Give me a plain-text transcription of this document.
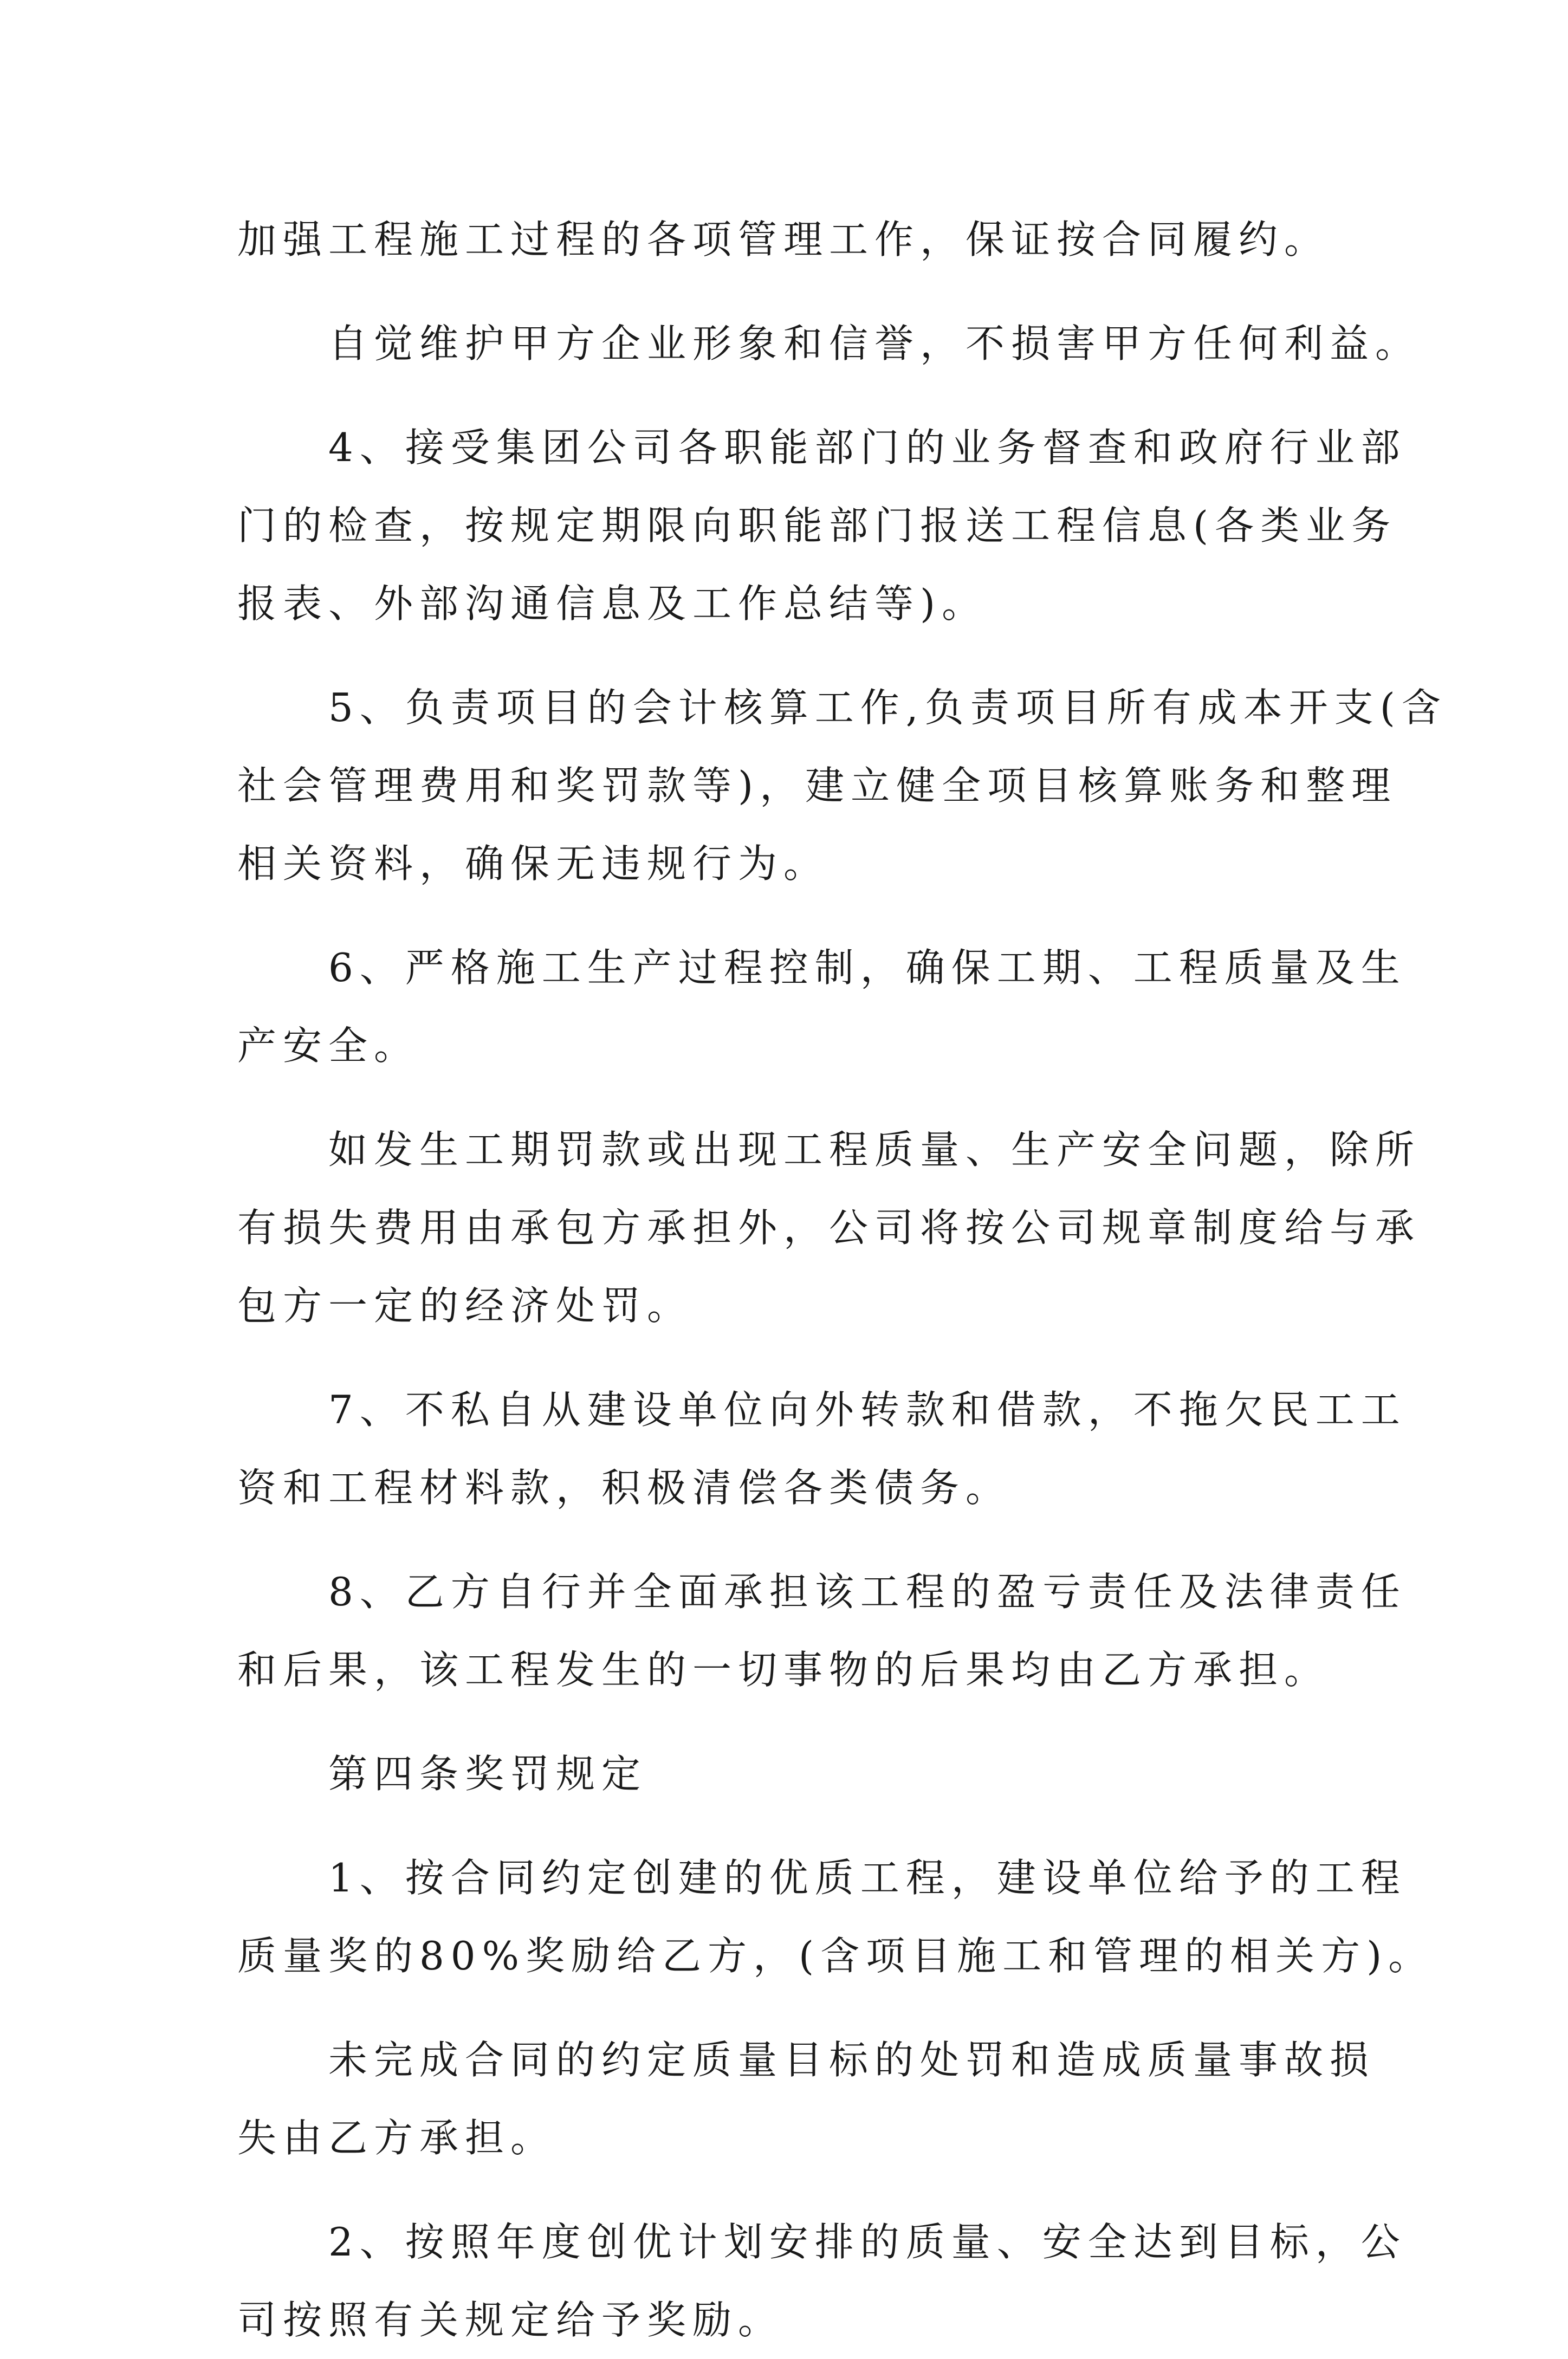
加强工程施工过程的各项管理工作，保证按合同履约。

自觉维护甲方企业形象和信誉，不损害甲方任何利益。

4、接受集团公司各职能部门的业务督查和政府行业部

门的检查，按规定期限向职能部门报送工程信息(各类业务

报表、外部沟通信息及工作总结等)。

5、负责项目的会计核算工作,负责项目所有成本开支(含

社会管理费用和奖罚款等)，建立健全项目核算账务和整理

相关资料，确保无违规行为。

6、严格施工生产过程控制，确保工期、工程质量及生

产安全。

如发生工期罚款或出现工程质量、生产安全问题，除所

有损失费用由承包方承担外，公司将按公司规章制度给与承

包方一定的经济处罚。

7、不私自从建设单位向外转款和借款，不拖欠民工工

资和工程材料款，积极清偿各类债务。

8、乙方自行并全面承担该工程的盈亏责任及法律责任

和后果，该工程发生的一切事物的后果均由乙方承担。

第四条奖罚规定

1、按合同约定创建的优质工程，建设单位给予的工程

质量奖的80%奖励给乙方，(含项目施工和管理的相关方)。

未完成合同的约定质量目标的处罚和造成质量事故损

失由乙方承担。

2、按照年度创优计划安排的质量、安全达到目标，公

司按照有关规定给予奖励。
